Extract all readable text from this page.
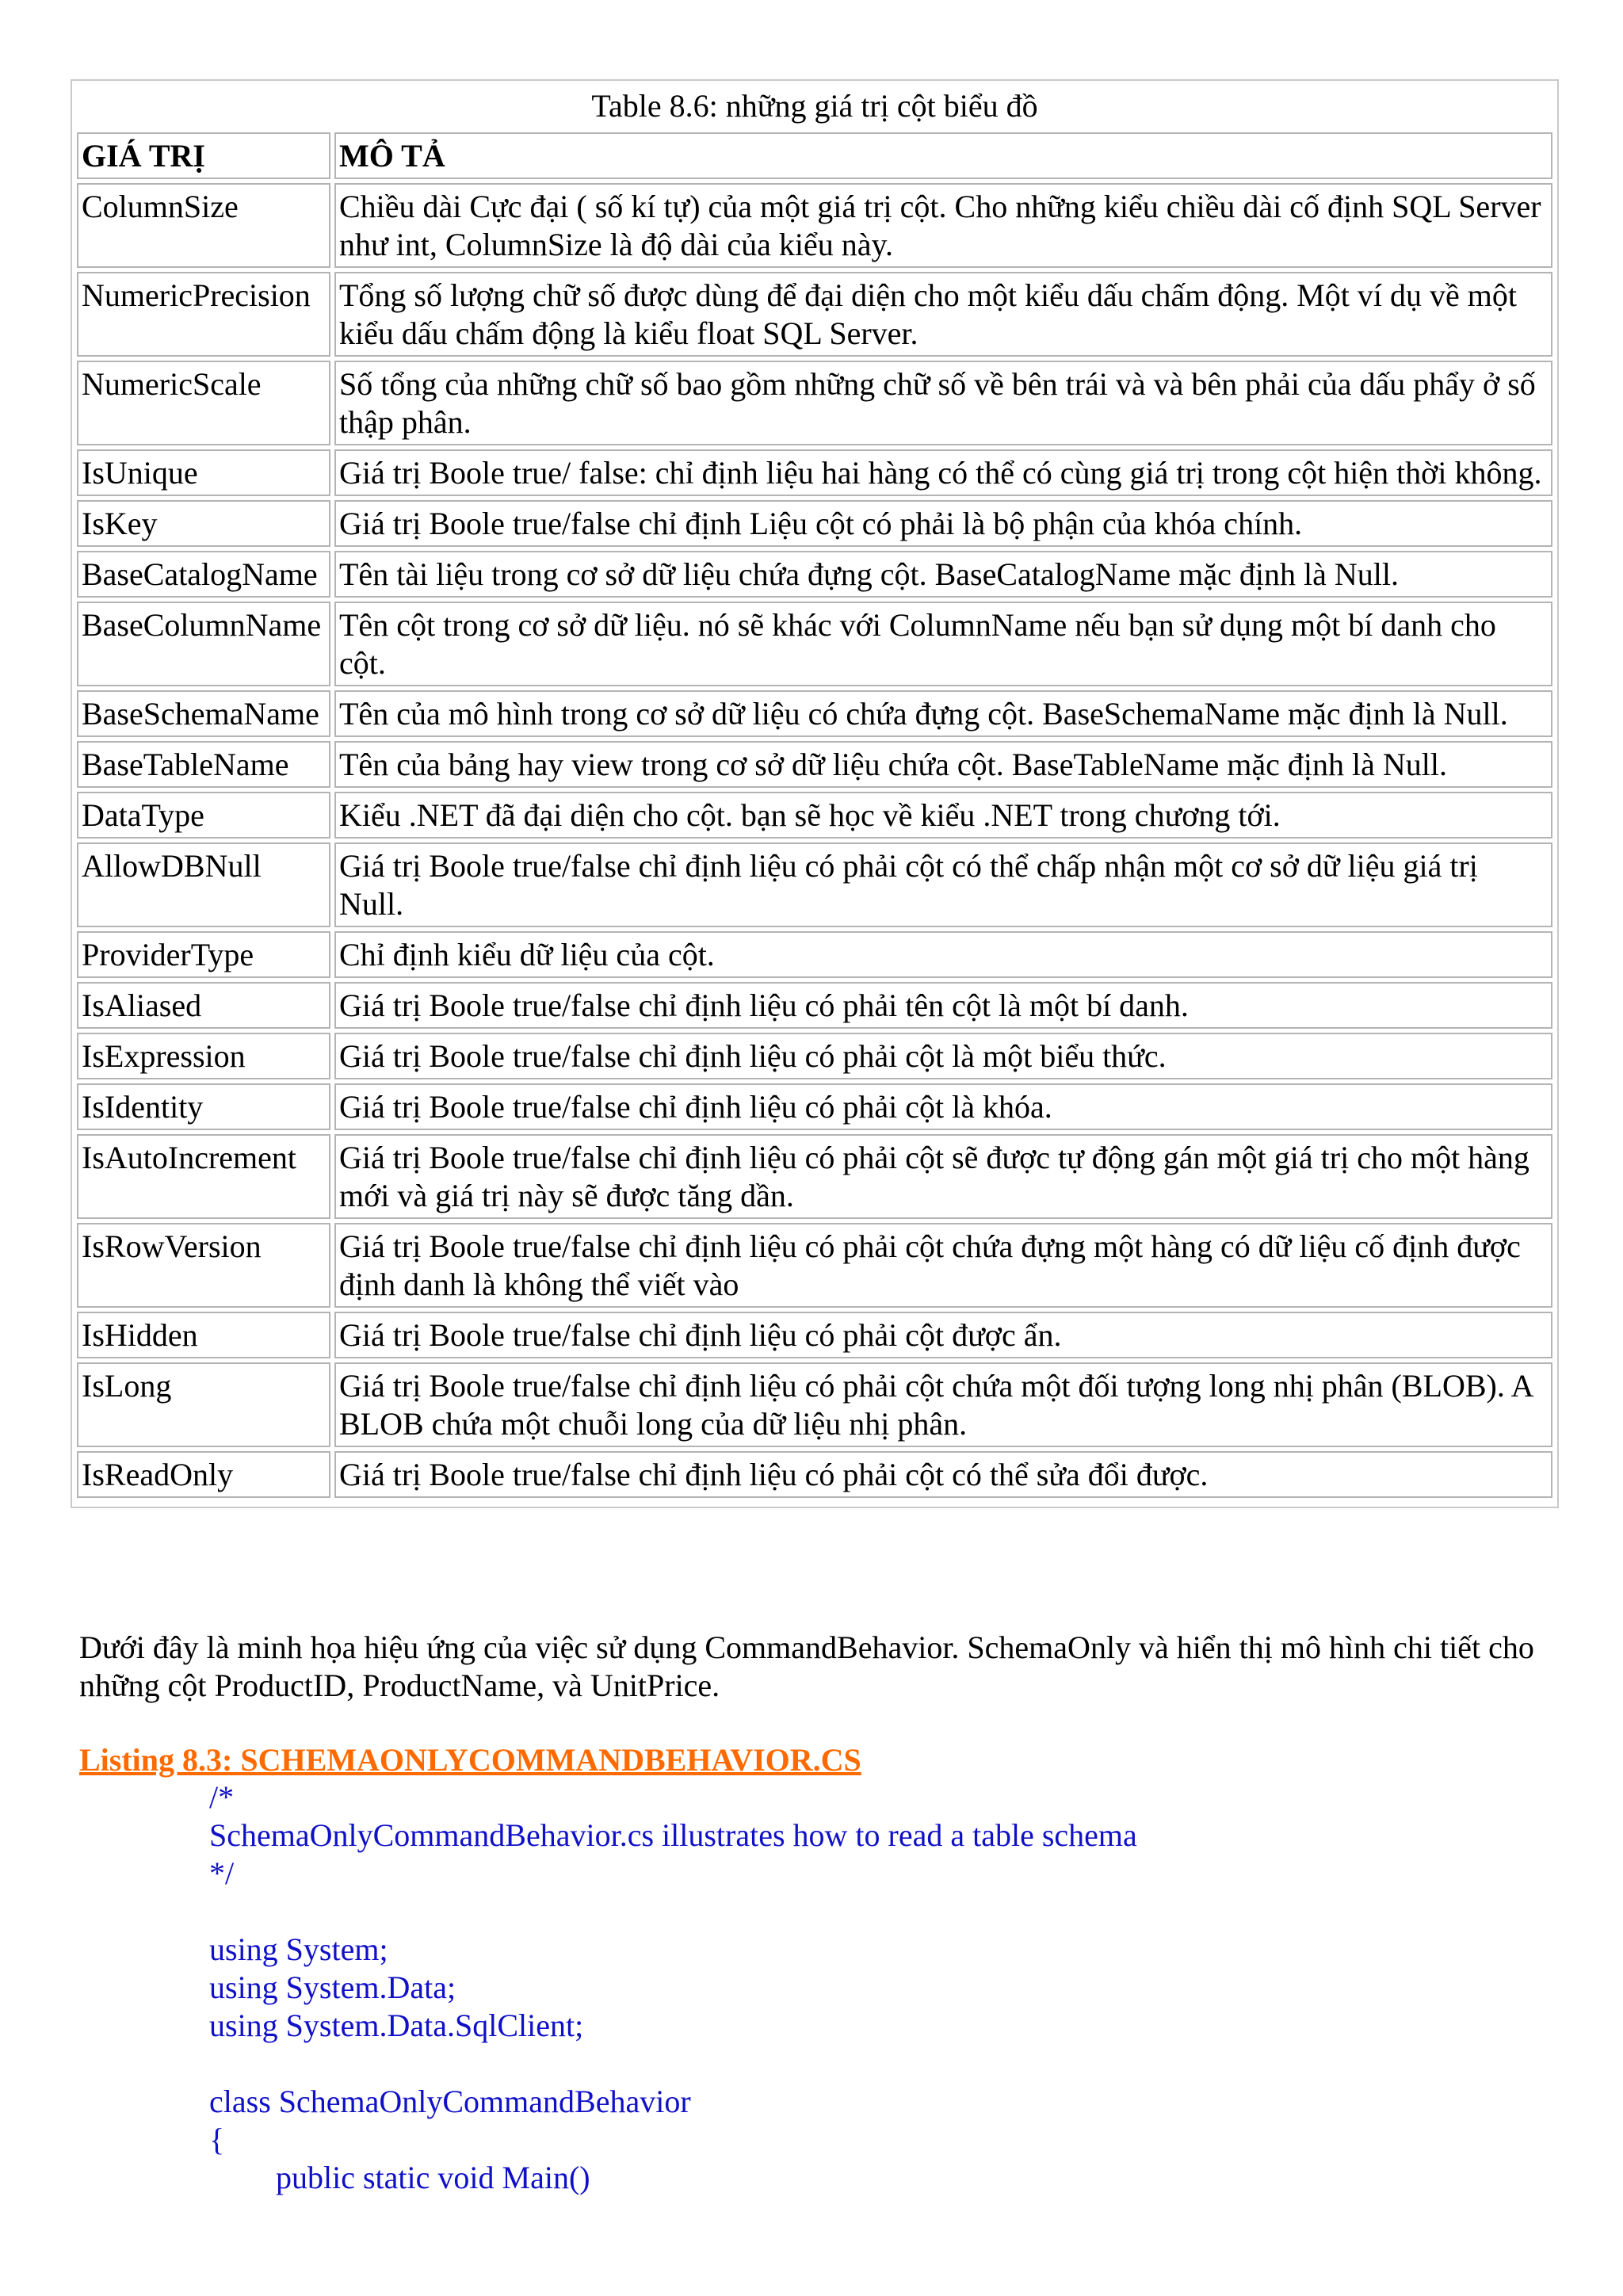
Table 8.6: những giá trị cột biểu đồ
GIÁ TRỊ	MÔ TẢ
ColumnSize	Chiều dài Cực đại ( số kí tự) của một giá trị cột. Cho những kiểu chiều dài cố định SQL Server như int, ColumnSize là độ dài của kiểu này.
NumericPrecision	Tổng số lượng chữ số được dùng để đại diện cho một kiểu dấu chấm động. Một ví dụ về một kiểu dấu chấm động là kiểu float SQL Server.
NumericScale	Số tổng của những chữ số bao gồm những chữ số về bên trái và và bên phải của dấu phẩy ở số thập phân.
IsUnique	Giá trị Boole true/ false: chỉ định liệu hai hàng có thể có cùng giá trị trong cột hiện thời không.
IsKey	Giá trị Boole true/false chỉ định Liệu cột có phải là bộ phận của khóa chính.
BaseCatalogName	Tên tài liệu trong cơ sở dữ liệu chứa đựng cột. BaseCatalogName mặc định là Null.
BaseColumnName	Tên cột trong cơ sở dữ liệu. nó sẽ khác với ColumnName nếu bạn sử dụng một bí danh cho cột.
BaseSchemaName	Tên của mô hình trong cơ sở dữ liệu có chứa đựng cột. BaseSchemaName mặc định là Null.
BaseTableName	Tên của bảng hay view trong cơ sở dữ liệu chứa cột. BaseTableName mặc định là Null.
DataType	Kiểu .NET đã đại diện cho cột. bạn sẽ học về kiểu .NET trong chương tới.
AllowDBNull	Giá trị Boole true/false chỉ định liệu có phải cột có thể chấp nhận một cơ sở dữ liệu giá trị Null.
ProviderType	Chỉ định kiểu dữ liệu của cột.
IsAliased	Giá trị Boole true/false chỉ định liệu có phải tên cột là một bí danh.
IsExpression	Giá trị Boole true/false chỉ định liệu có phải cột là một biểu thức.
IsIdentity	Giá trị Boole true/false chỉ định liệu có phải cột là khóa.
IsAutoIncrement	Giá trị Boole true/false chỉ định liệu có phải cột sẽ được tự động gán một giá trị cho một hàng mới và giá trị này sẽ được tăng dần.
IsRowVersion	Giá trị Boole true/false chỉ định liệu có phải cột chứa đựng một hàng có dữ liệu cố định được định danh là không thể viết vào
IsHidden	Giá trị Boole true/false chỉ định liệu có phải cột được ẩn.
IsLong	Giá trị Boole true/false chỉ định liệu có phải cột chứa một đối tượng long nhị phân (BLOB). A BLOB chứa một chuỗi long của dữ liệu nhị phân.
IsReadOnly	Giá trị Boole true/false chỉ định liệu có phải cột có thể sửa đổi được.
Dưới đây là minh họa hiệu ứng của việc sử dụng CommandBehavior. SchemaOnly và hiển thị mô hình chi tiết cho những cột ProductID, ProductName, và UnitPrice.
Listing 8.3: SCHEMAONLYCOMMANDBEHAVIOR.CS
/*
SchemaOnlyCommandBehavior.cs illustrates how to read a table schema
*/
using System;
using System.Data;
using System.Data.SqlClient;
class SchemaOnlyCommandBehavior
{
public static void Main()
